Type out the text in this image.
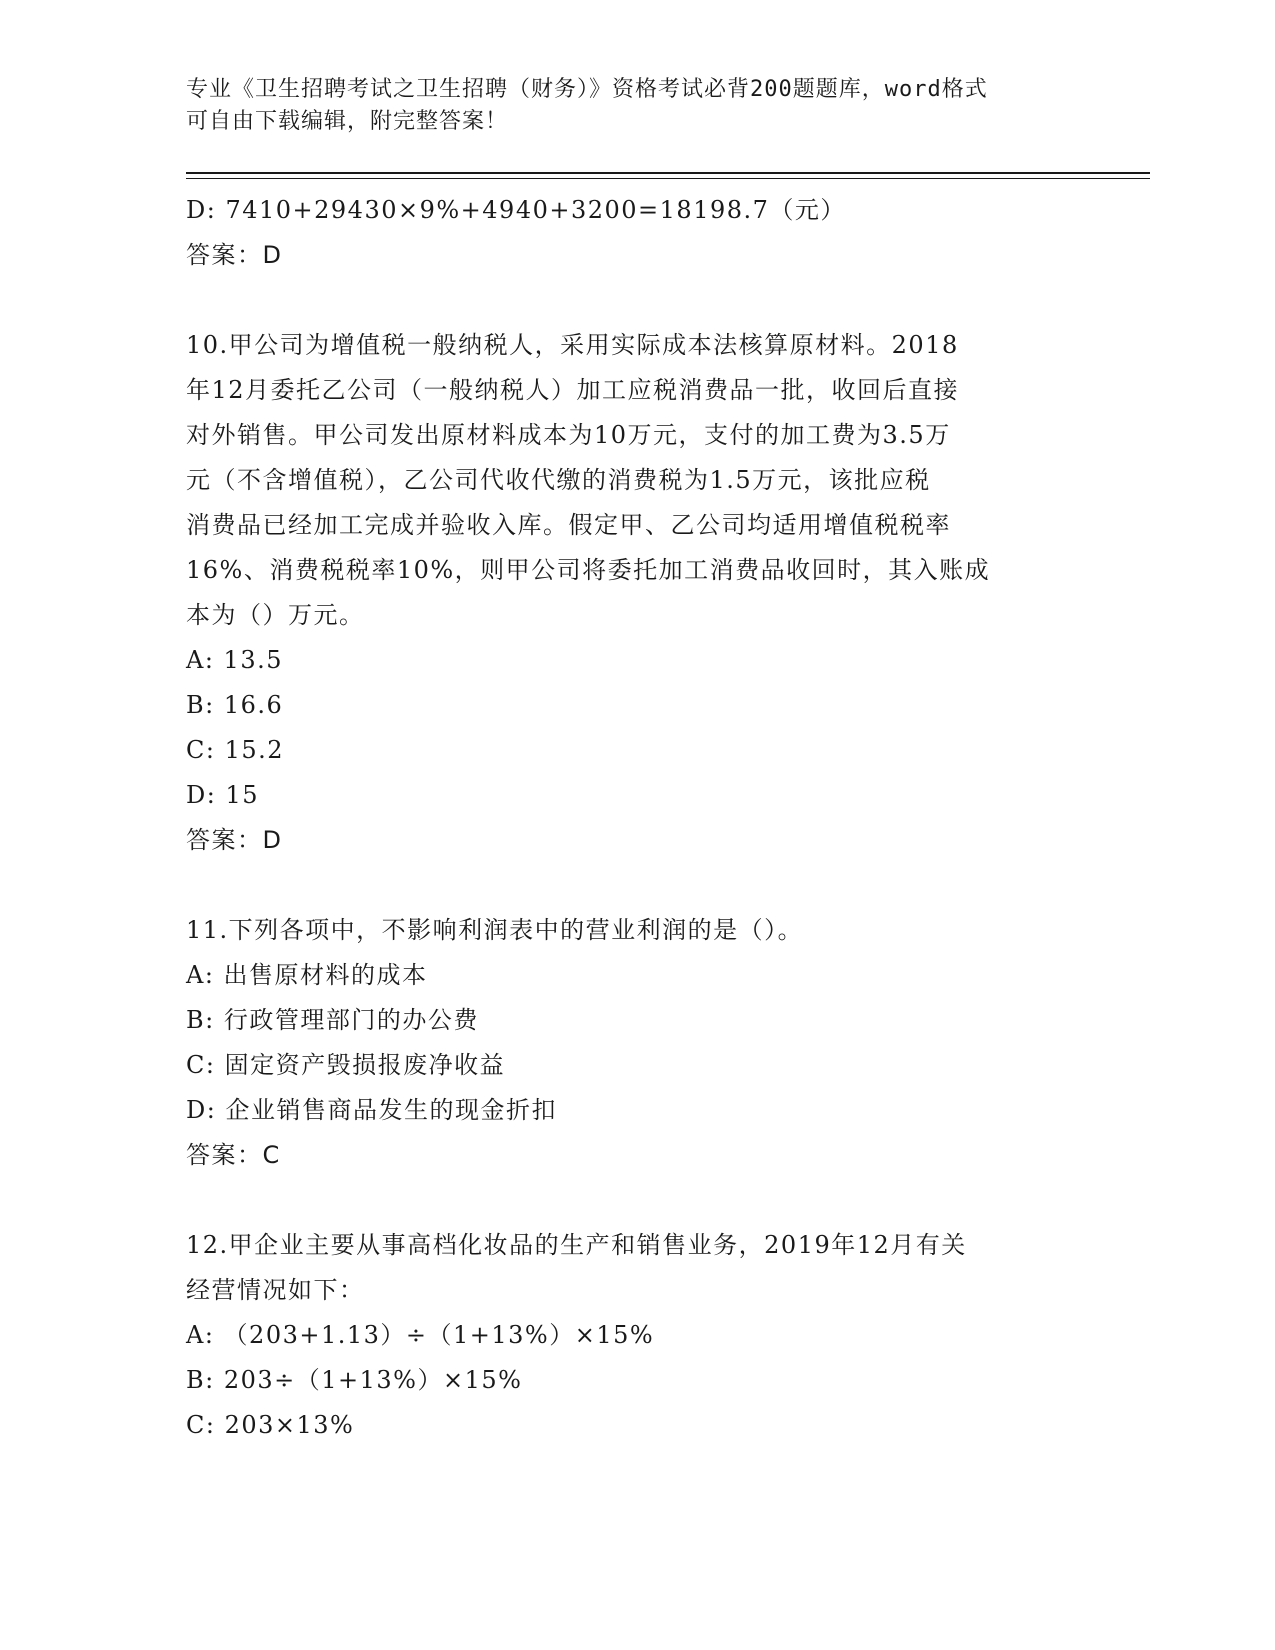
专业《卫生招聘考试之卫生招聘（财务）》资格考试必背200题题库，word格式
可自由下载编辑，附完整答案！
D: 7410+29430×9%+4940+3200=18198.7（元）
答案：D
10.甲公司为增值税一般纳税人，采用实际成本法核算原材料。2018
年12月委托乙公司（一般纳税人）加工应税消费品一批，收回后直接
对外销售。甲公司发出原材料成本为10万元，支付的加工费为3.5万
元（不含增值税），乙公司代收代缴的消费税为1.5万元，该批应税
消费品已经加工完成并验收入库。假定甲、乙公司均适用增值税税率
16%、消费税税率10%，则甲公司将委托加工消费品收回时，其入账成
本为（）万元。
A: 13.5
B: 16.6
C: 15.2
D: 15
答案：D
11.下列各项中，不影响利润表中的营业利润的是（）。
A: 出售原材料的成本
B: 行政管理部门的办公费
C: 固定资产毁损报废净收益
D: 企业销售商品发生的现金折扣
答案：C
12.甲企业主要从事高档化妆品的生产和销售业务，2019年12月有关
经营情况如下：
A: （203+1.13）÷（1+13%）×15%
B: 203÷（1+13%）×15%
C: 203×13%
